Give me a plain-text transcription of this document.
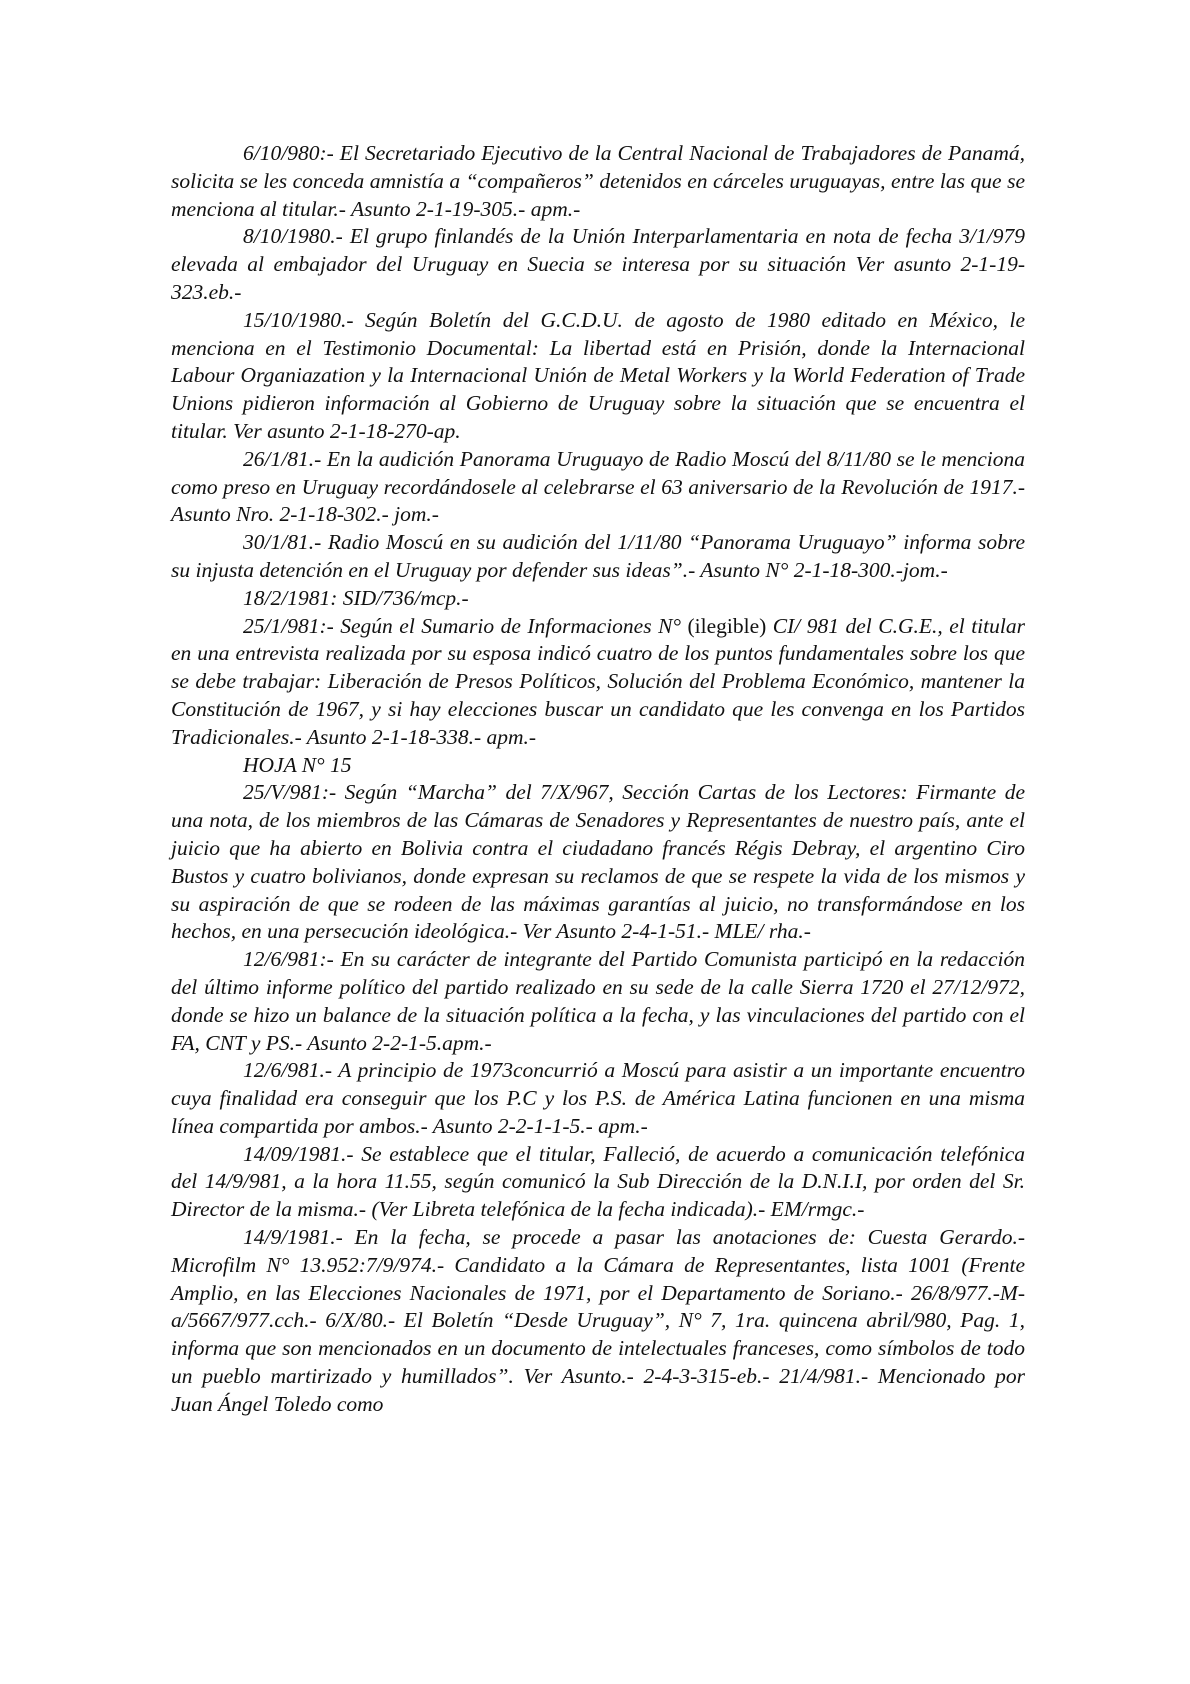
6/10/980:- El Secretariado Ejecutivo de la Central Nacional de Trabajadores de Panamá, solicita se les conceda amnistía a “compañeros” detenidos en cárceles uruguayas, entre las que se menciona al titular.- Asunto 2-1-19-305.- apm.-

8/10/1980.- El grupo finlandés de la Unión Interparlamentaria en nota de fecha 3/1/979 elevada al embajador del Uruguay en Suecia se interesa por su situación Ver asunto 2-1-19-323.eb.-

15/10/1980.- Según Boletín del G.C.D.U. de agosto de 1980 editado en México, le menciona en el Testimonio Documental: La libertad está en Prisión, donde la Internacional Labour Organiazation y la Internacional Unión de Metal Workers y la World Federation of Trade Unions pidieron información al Gobierno de Uruguay sobre la situación que se encuentra el titular. Ver asunto 2-1-18-270-ap.

26/1/81.- En la audición Panorama Uruguayo de Radio Moscú del 8/11/80 se le menciona como preso en Uruguay recordándosele al celebrarse el 63 aniversario de la Revolución de 1917.- Asunto Nro. 2-1-18-302.- jom.-

30/1/81.- Radio Moscú en su audición del 1/11/80 “Panorama Uruguayo” informa sobre su injusta detención en el Uruguay por defender sus ideas”.- Asunto N° 2-1-18-300.-jom.-

18/2/1981: SID/736/mcp.-

25/1/981:- Según el Sumario de Informaciones N° (ilegible) CI/ 981 del C.G.E., el titular en una entrevista realizada por su esposa indicó cuatro de los puntos fundamentales sobre los que se debe trabajar: Liberación de Presos Políticos, Solución del Problema Económico, mantener la Constitución de 1967, y si hay elecciones buscar un candidato que les convenga en los Partidos Tradicionales.- Asunto 2-1-18-338.- apm.-

HOJA N° 15

25/V/981:- Según “Marcha” del 7/X/967, Sección Cartas de los Lectores: Firmante de una nota, de los miembros de las Cámaras de Senadores y Representantes de nuestro país, ante el juicio que ha abierto en Bolivia contra el ciudadano francés Régis Debray, el argentino Ciro Bustos y cuatro bolivianos, donde expresan su reclamos de que se respete la vida de los mismos y su aspiración de que se rodeen de las máximas garantías al juicio, no transformándose en los hechos, en una persecución ideológica.- Ver Asunto 2-4-1-51.- MLE/ rha.-

12/6/981:- En su carácter de integrante del Partido Comunista participó en la redacción del último informe político del partido realizado en su sede de la calle Sierra 1720 el 27/12/972, donde se hizo un balance de la situación política a la fecha, y las vinculaciones del partido con el FA, CNT y PS.- Asunto 2-2-1-5.apm.-

12/6/981.- A principio de 1973concurrió a Moscú para asistir a un importante encuentro cuya finalidad era conseguir que los P.C y los P.S. de América Latina funcionen en una misma línea compartida por ambos.- Asunto 2-2-1-1-5.- apm.-

14/09/1981.- Se establece que el titular, Falleció, de acuerdo a comunicación telefónica del 14/9/981, a la hora 11.55, según comunicó la Sub Dirección de la D.N.I.I, por orden del Sr. Director de la misma.- (Ver Libreta telefónica de la fecha indicada).- EM/rmgc.-

14/9/1981.- En la fecha, se procede a pasar las anotaciones de: Cuesta Gerardo.- Microfilm N° 13.952:7/9/974.- Candidato a la Cámara de Representantes, lista 1001 (Frente Amplio, en las Elecciones Nacionales de 1971, por el Departamento de Soriano.- 26/8/977.-M-a/5667/977.cch.- 6/X/80.- El Boletín “Desde Uruguay”, N° 7, 1ra. quincena abril/980, Pag. 1, informa que son mencionados en un documento de intelectuales franceses, como símbolos de todo un pueblo martirizado y humillados”. Ver Asunto.- 2-4-3-315-eb.- 21/4/981.- Mencionado por Juan Ángel Toledo como
